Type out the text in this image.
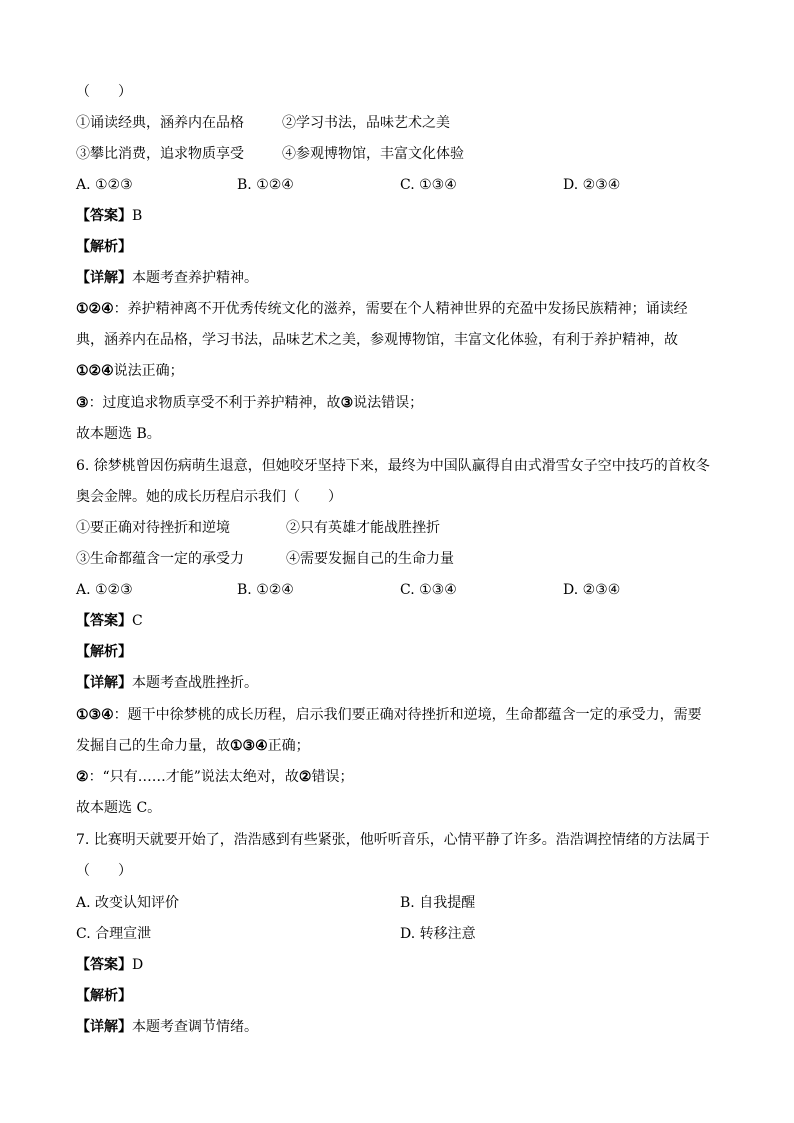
（　　）
①诵读经典，涵养内在品格	②学习书法，品味艺术之美
③攀比消费，追求物质享受	④参观博物馆，丰富文化体验
A. ①②③	B. ①②④	C. ①③④	D. ②③④
【答案】B
【解析】
【详解】本题考查养护精神。
①②④：养护精神离不开优秀传统文化的滋养，需要在个人精神世界的充盈中发扬民族精神；诵读经
典，涵养内在品格，学习书法，品味艺术之美，参观博物馆，丰富文化体验，有利于养护精神，故
①②④说法正确；
③：过度追求物质享受不利于养护精神，故③说法错误；
故本题选 B。
6. 徐梦桃曾因伤病萌生退意，但她咬牙坚持下来，最终为中国队赢得自由式滑雪女子空中技巧的首枚冬
奥会金牌。她的成长历程启示我们（　　）
①要正确对待挫折和逆境	②只有英雄才能战胜挫折
③生命都蕴含一定的承受力	④需要发掘自己的生命力量
A. ①②③	B. ①②④	C. ①③④	D. ②③④
【答案】C
【解析】
【详解】本题考查战胜挫折。
①③④：题干中徐梦桃的成长历程，启示我们要正确对待挫折和逆境，生命都蕴含一定的承受力，需要
发掘自己的生命力量，故①③④正确；
②：“只有……才能”说法太绝对，故②错误；
故本题选 C。
7. 比赛明天就要开始了，浩浩感到有些紧张，他听听音乐，心情平静了许多。浩浩调控情绪的方法属于
（　　）
A. 改变认知评价	B. 自我提醒
C. 合理宣泄	D. 转移注意
【答案】D
【解析】
【详解】本题考查调节情绪。
